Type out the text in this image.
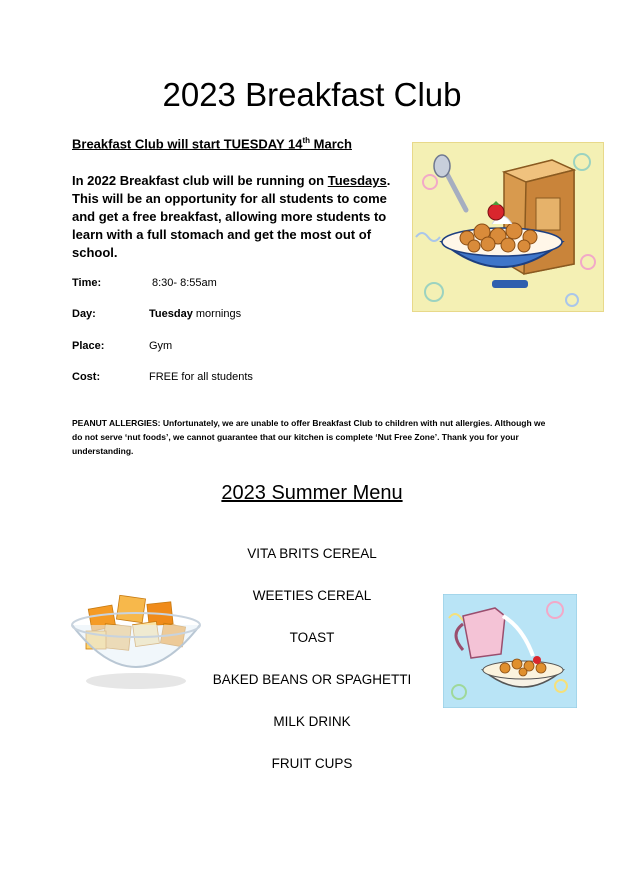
2023 Breakfast Club
Breakfast Club will start TUESDAY 14th March
In 2022 Breakfast club will be running on Tuesdays. This will be an opportunity for all students to come and get a free breakfast, allowing more students to learn with a full stomach and get the most out of school.
Time:	8:30- 8:55am
Day:	Tuesday mornings
Place:	Gym
Cost:	FREE for all students
PEANUT ALLERGIES: Unfortunately, we are unable to offer Breakfast Club to children with nut allergies. Although we do not serve ‘nut foods’, we cannot guarantee that our kitchen is complete ‘Nut Free Zone’. Thank you for your understanding.
2023 Summer Menu
VITA BRITS CEREAL
WEETIES CEREAL
TOAST
BAKED BEANS OR SPAGHETTI
MILK DRINK
FRUIT CUPS
